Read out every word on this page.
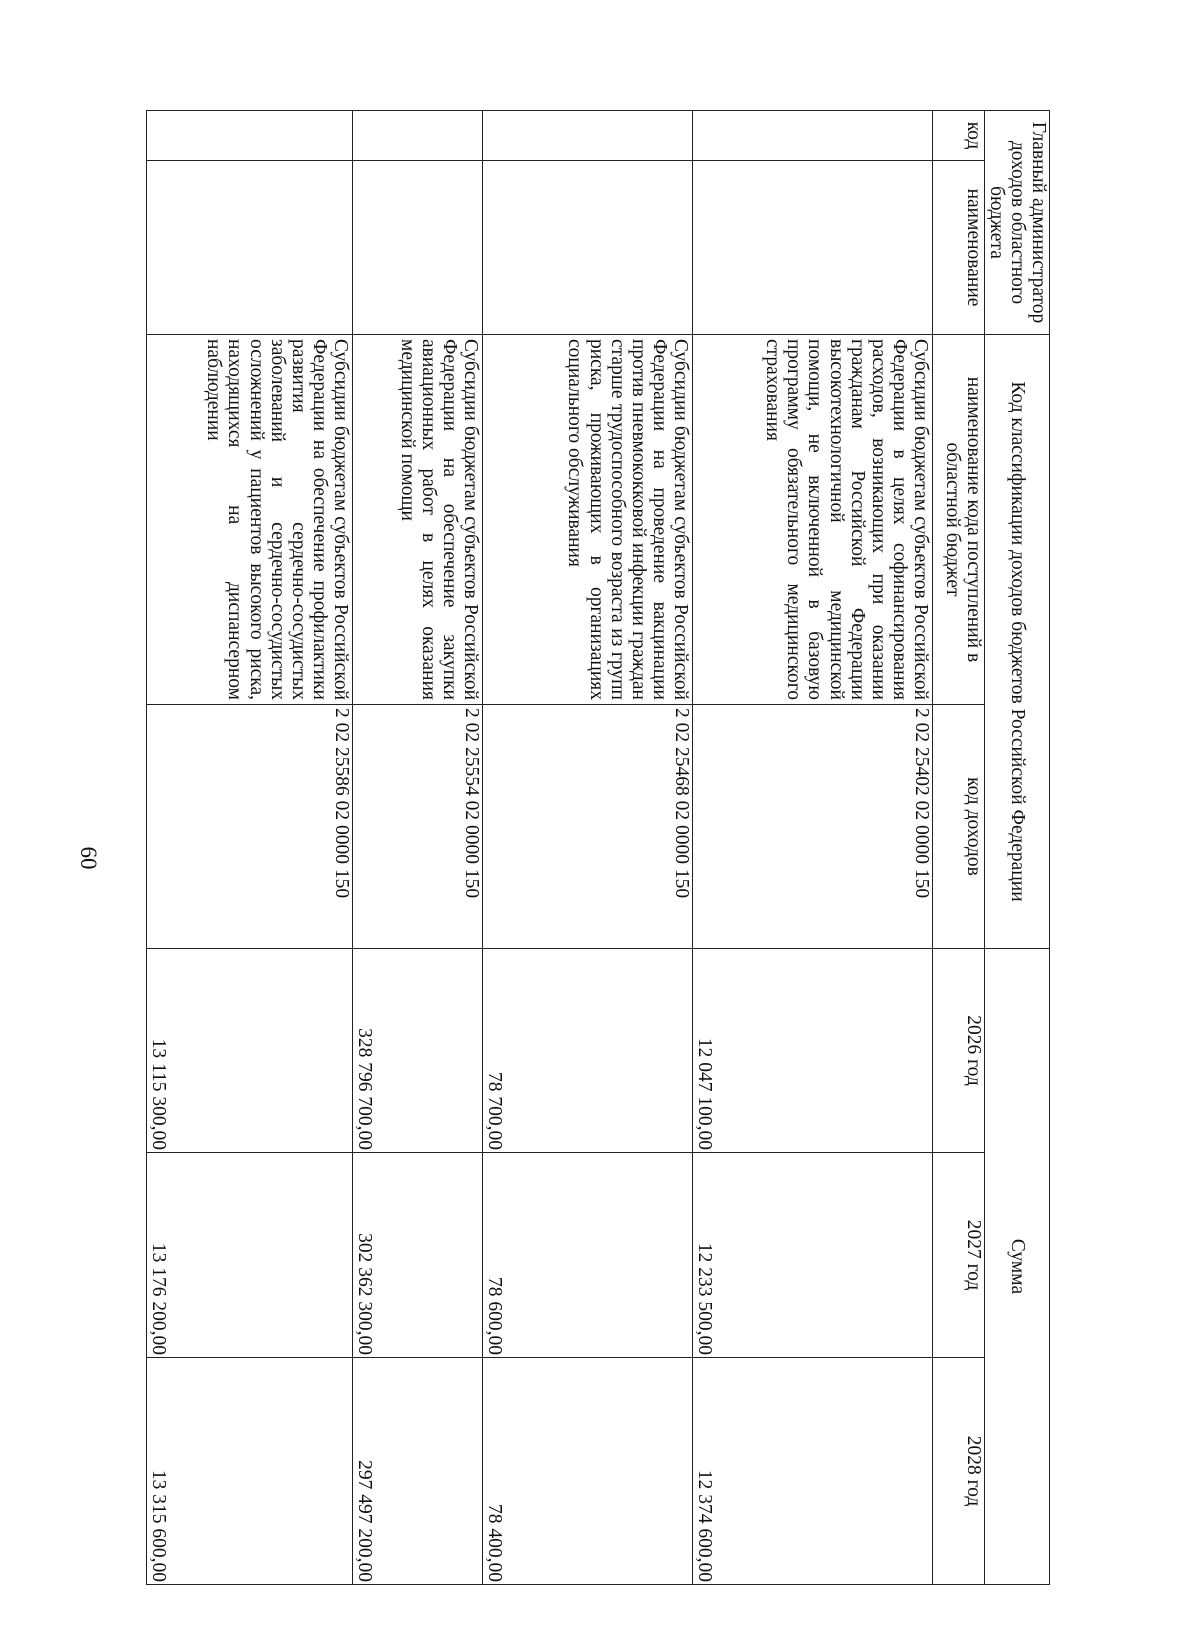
60
Главный администратор доходов областного бюджета		Код классификации доходов бюджетов Российской Федерации		Сумма		
код	наименование	наименование кода поступлений в областной бюджет	код доходов	2026 год	2027 год	2028 год
		Субсидии бюджетам субъектов Российской Федерации в целях софинансирования расходов, возникающих при оказании гражданам Российской Федерации высокотехнологичной медицинской помощи, не включенной в базовую программу обязательного медицинского страхования	2 02 25402 02 0000 150	12 047 100,00	12 233 500,00	12 374 600,00
		Субсидии бюджетам субъектов Российской Федерации на проведение вакцинации против пневмококковой инфекции граждан старше трудоспособного возраста из групп риска, проживающих в организациях социального обслуживания	2 02 25468 02 0000 150	78 700,00	78 600,00	78 400,00
		Субсидии бюджетам субъектов Российской Федерации на обеспечение закупки авиационных работ в целях оказания медицинской помощи	2 02 25554 02 0000 150	328 796 700,00	302 362 300,00	297 497 200,00
		Субсидии бюджетам субъектов Российской Федерации на обеспечение профилактики развития сердечно-сосудистых заболеваний и сердечно-сосудистых осложнений у пациентов высокого риска, находящихся на диспансерном наблюдении	2 02 25586 02 0000 150	13 115 300,00	13 176 200,00	13 315 600,00
